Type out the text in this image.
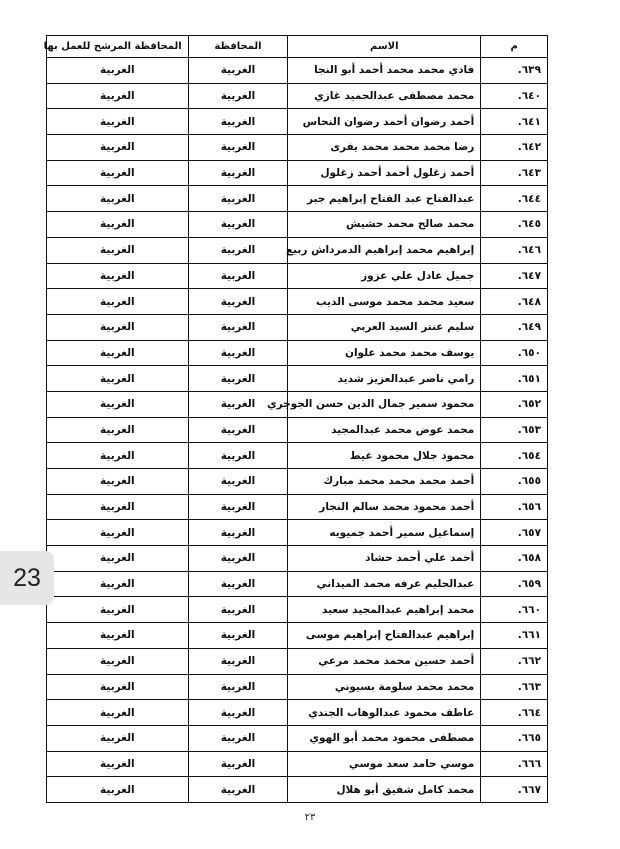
م	الاسم	المحافظة	المحافظة المرشح للعمل بها
٦٣٩.	فادي محمد محمد أحمد أبو النجا	الغربية	الغربية
٦٤٠.	محمد مصطفى عبدالحميد غازي	الغربية	الغربية
٦٤١.	أحمد رضوان أحمد رضوان النحاس	الغربية	الغربية
٦٤٢.	رضا محمد محمد محمد يفرى	الغربية	الغربية
٦٤٣.	أحمد زغلول أحمد أحمد زغلول	الغربية	الغربية
٦٤٤.	عبدالفتاح عبد الفتاح إبراهيم جبر	الغربية	الغربية
٦٤٥.	محمد صالح محمد حشيش	الغربية	الغربية
٦٤٦.	إبراهيم محمد إبراهيم الدمرداش ربيع	الغربية	الغربية
٦٤٧.	جميل عادل علي عزوز	الغربية	الغربية
٦٤٨.	سعيد محمد محمد موسى الديب	الغربية	الغربية
٦٤٩.	سليم عنتر السيد العربي	الغربية	الغربية
٦٥٠.	يوسف محمد محمد علوان	الغربية	الغربية
٦٥١.	رامي ناصر عبدالعزيز شديد	الغربية	الغربية
٦٥٢.	محمود سمير جمال الدين حسن الجوجري	الغربية	الغربية
٦٥٣.	محمد عوض محمد عبدالمجيد	الغربية	الغربية
٦٥٤.	محمود جلال محمود غيط	الغربية	الغربية
٦٥٥.	أحمد محمد محمد محمد مبارك	الغربية	الغربية
٦٥٦.	أحمد محمود محمد سالم النجار	الغربية	الغربية
٦٥٧.	إسماعيل سمير أحمد جميويه	الغربية	الغربية
٦٥٨.	أحمد علي أحمد حشاد	الغربية	الغربية
٦٥٩.	عبدالحليم عرفه محمد الميداني	الغربية	الغربية
٦٦٠.	محمد إبراهيم عبدالمجيد سعيد	الغربية	الغربية
٦٦١.	إبراهيم عبدالفتاح إبراهيم موسى	الغربية	الغربية
٦٦٢.	أحمد حسين محمد محمد مرعي	الغربية	الغربية
٦٦٣.	محمد محمد سلومة بسيوني	الغربية	الغربية
٦٦٤.	عاطف محمود عبدالوهاب الجندي	الغربية	الغربية
٦٦٥.	مصطفى محمود محمد أبو الهوي	الغربية	الغربية
٦٦٦.	موسي حامد سعد موسي	الغربية	الغربية
٦٦٧.	محمد كامل شفيق أبو هلال	الغربية	الغربية
23
٢٣
